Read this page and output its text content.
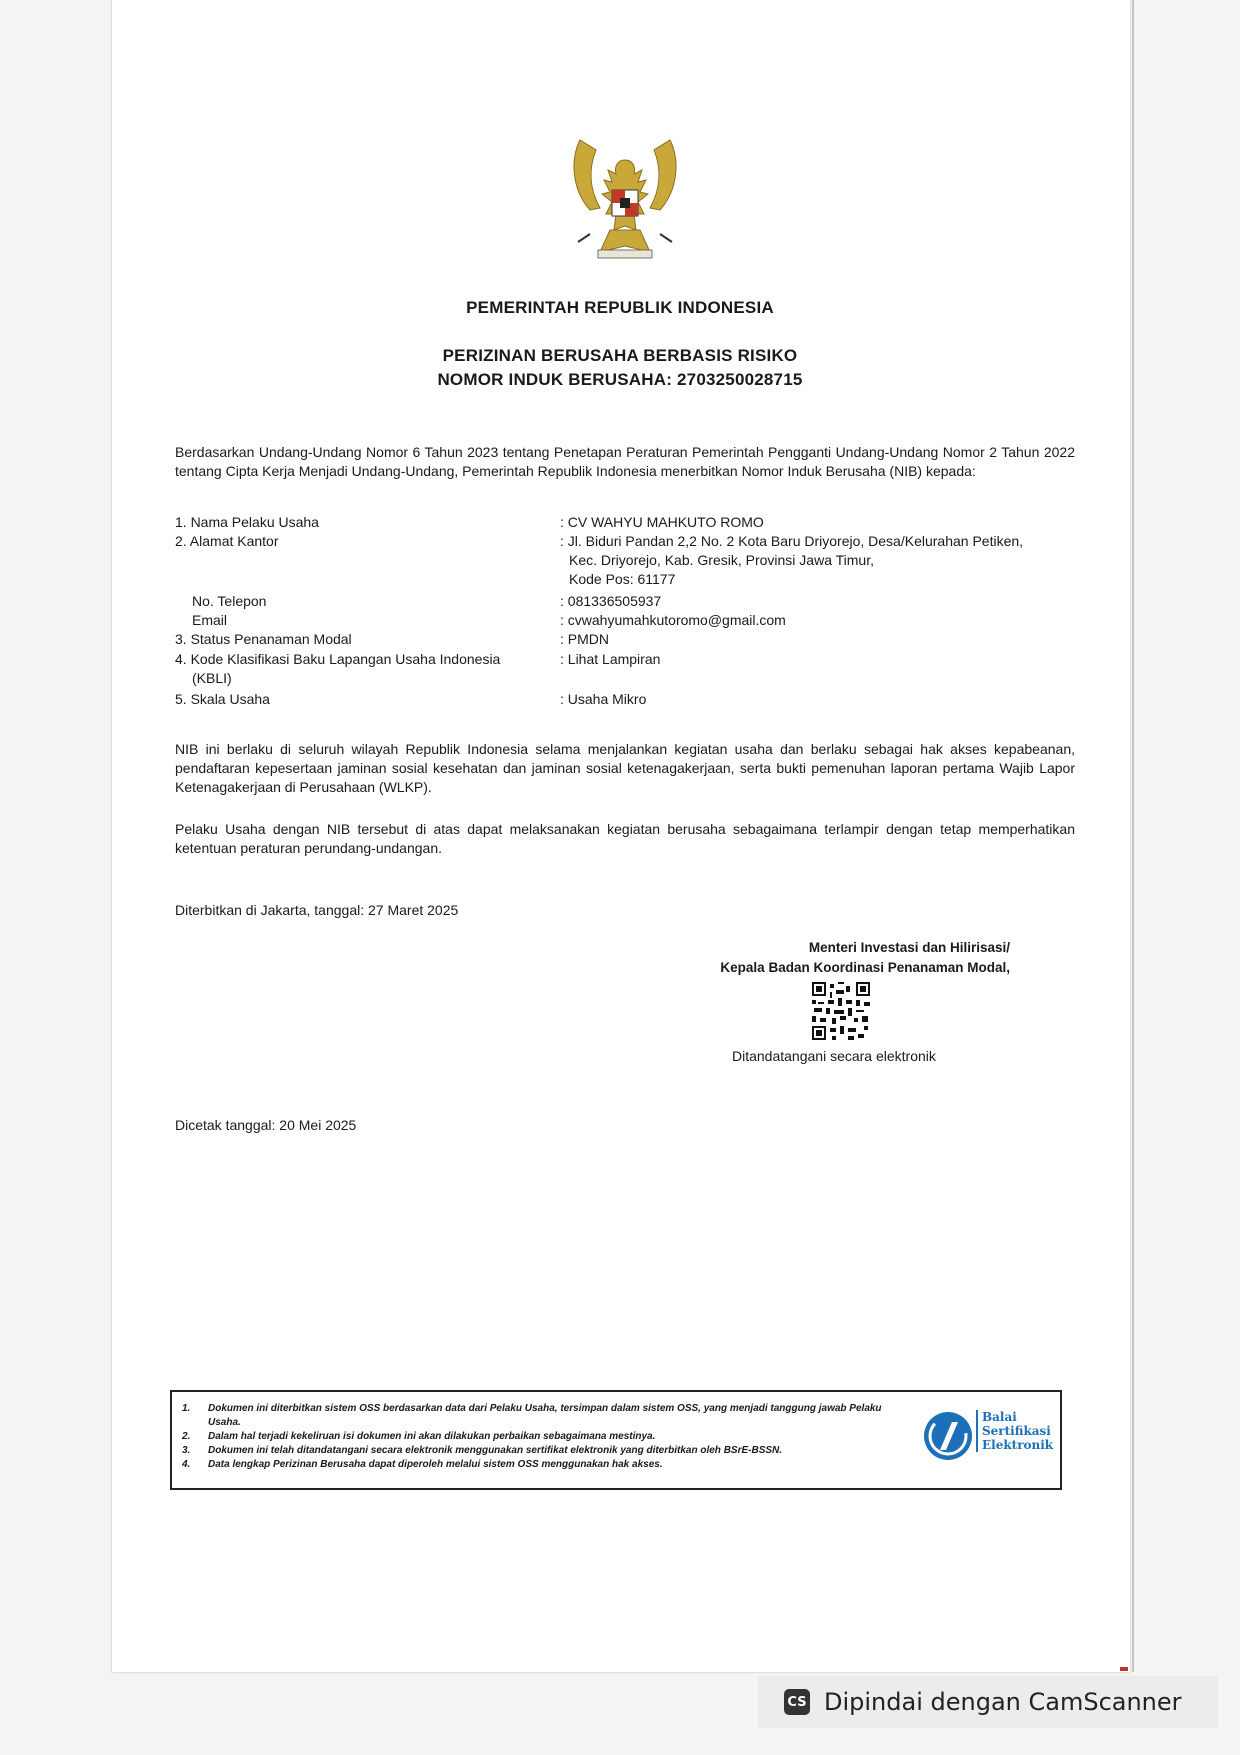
PEMERINTAH REPUBLIK INDONESIA
PERIZINAN BERUSAHA BERBASIS RISIKO
NOMOR INDUK BERUSAHA: 2703250028715
Berdasarkan Undang-Undang Nomor 6 Tahun 2023 tentang Penetapan Peraturan Pemerintah Pengganti Undang-Undang Nomor 2 Tahun 2022 tentang Cipta Kerja Menjadi Undang-Undang, Pemerintah Republik Indonesia menerbitkan Nomor Induk Berusaha (NIB) kepada:
1. Nama Pelaku Usaha	: CV WAHYU MAHKUTO ROMO
2. Alamat Kantor	: Jl. Biduri Pandan 2,2 No. 2 Kota Baru Driyorejo, Desa/Kelurahan Petiken,
Kec. Driyorejo, Kab. Gresik, Provinsi Jawa Timur,
Kode Pos: 61177
No. Telepon	: 081336505937
Email	: cvwahyumahkutoromo@gmail.com
3. Status Penanaman Modal	: PMDN
4. Kode Klasifikasi Baku Lapangan Usaha Indonesia
(KBLI)
: Lihat Lampiran
5. Skala Usaha	: Usaha Mikro
NIB ini berlaku di seluruh wilayah Republik Indonesia selama menjalankan kegiatan usaha dan berlaku sebagai hak akses kepabeanan, pendaftaran kepesertaan jaminan sosial kesehatan dan jaminan sosial ketenagakerjaan, serta bukti pemenuhan laporan pertama Wajib Lapor Ketenagakerjaan di Perusahaan (WLKP).
Pelaku Usaha dengan NIB tersebut di atas dapat melaksanakan kegiatan berusaha sebagaimana terlampir dengan tetap memperhatikan ketentuan peraturan perundang-undangan.
Diterbitkan di Jakarta, tanggal: 27 Maret 2025
Menteri Investasi dan Hilirisasi/
Kepala Badan Koordinasi Penanaman Modal,
Ditandatangani secara elektronik
Dicetak tanggal: 20 Mei 2025
1. Dokumen ini diterbitkan sistem OSS berdasarkan data dari Pelaku Usaha, tersimpan dalam sistem OSS, yang menjadi tanggung jawab Pelaku Usaha.
2. Dalam hal terjadi kekeliruan isi dokumen ini akan dilakukan perbaikan sebagaimana mestinya.
3. Dokumen ini telah ditandatangani secara elektronik menggunakan sertifikat elektronik yang diterbitkan oleh BSrE-BSSN.
4. Data lengkap Perizinan Berusaha dapat diperoleh melalui sistem OSS menggunakan hak akses.
Balai
Sertifikasi
Elektronik
CS Dipindai dengan CamScanner
